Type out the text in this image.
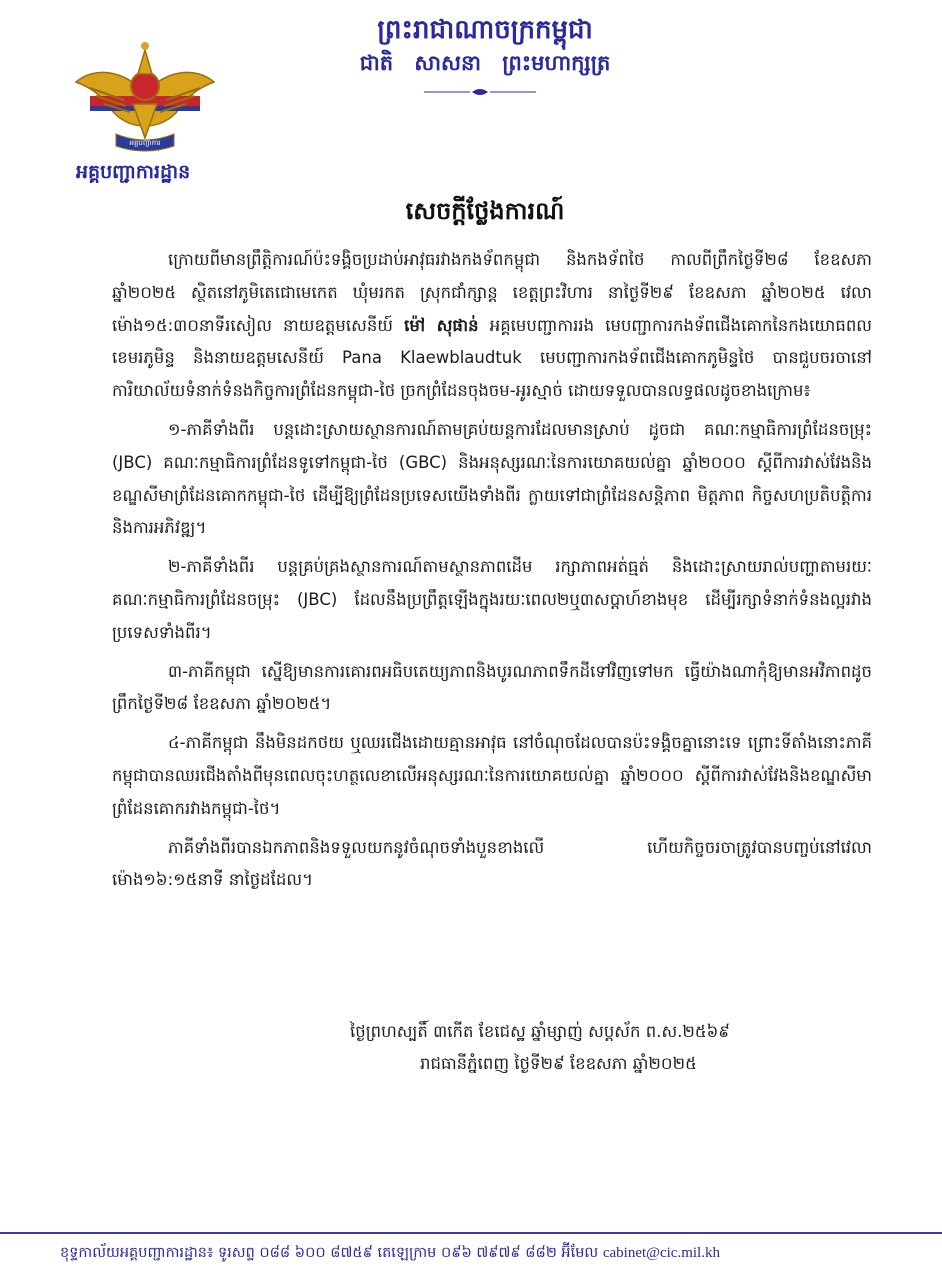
អគ្គបញ្ជាការ
អគ្គបញ្ជាការដ្ឋាន
ព្រះរាជាណាចក្រកម្ពុជា
ជាតិ សាសនា ព្រះមហាក្សត្រ
សេចក្តីថ្លែងការណ៍

ក្រោយពីមានព្រឹត្តិការណ៍ប៉ះទង្គិចប្រដាប់អាវុធរវាងកងទ័ពកម្ពុជា និងកងទ័ពថៃ កាលពីព្រឹកថ្ងៃទី២៨ ខែឧសភា ឆ្នាំ២០២៥ ស្ថិតនៅភូមិតេជោមេកេត ឃុំមរកត ស្រុកជាំក្សាន្ត ខេត្តព្រះវិហារ នាថ្ងៃទី២៩ ខែឧសភា ឆ្នាំ២០២៥ វេលាម៉ោង១៥:៣០នាទីរសៀល នាយឧត្តមសេនីយ៍ ម៉ៅ សុផាន់ អគ្គមេបញ្ជាការរង មេបញ្ជាការកងទ័ពជើងគោកនៃកងយោធពលខេមរភូមិន្ទ និងនាយឧត្តមសេនីយ៍ Pana Klaewblaudtuk មេបញ្ជាការកងទ័ពជើងគោកភូមិន្ទថៃ បានជួបចរចានៅការិយាល័យទំនាក់ទំនងកិច្ចការព្រំដែនកម្ពុជា-ថៃ ច្រកព្រំដែនចុងចម-អូរស្មាច់ ដោយទទួលបានលទ្ធផលដូចខាងក្រោម៖

១-ភាគីទាំងពីរ បន្តដោះស្រាយស្ថានការណ៍តាមគ្រប់យន្តការដែលមានស្រាប់ ដូចជា គណៈកម្មាធិការព្រំដែនចម្រុះ (JBC) គណៈកម្មាធិការព្រំដែនទូទៅកម្ពុជា-ថៃ (GBC) និងអនុស្សរណៈនៃការយោគយល់គ្នា ឆ្នាំ២០០០ ស្តីពីការវាស់វែងនិងខណ្ឌសីមាព្រំដែនគោកកម្ពុជា-ថៃ ដើម្បីឱ្យព្រំដែនប្រទេសយើងទាំងពីរ ក្លាយទៅជាព្រំដែនសន្តិភាព មិត្តភាព កិច្ចសហប្រតិបត្តិការ និងការអភិវឌ្ឍ។

២-ភាគីទាំងពីរ បន្តគ្រប់គ្រងស្ថានការណ៍តាមស្ថានភាពដើម រក្សាភាពអត់ធ្មត់ និងដោះស្រាយរាល់បញ្ហាតាមរយៈគណៈកម្មាធិការព្រំដែនចម្រុះ (JBC) ដែលនឹងប្រព្រឹត្តឡើងក្នុងរយៈពេល២ឬ៣សប្តាហ៍ខាងមុខ ដើម្បីរក្សាទំនាក់ទំនងល្អរវាងប្រទេសទាំងពីរ។

៣-ភាគីកម្ពុជា ស្នើឱ្យមានការគោរពអធិបតេយ្យភាពនិងបូរណភាពទឹកដីទៅវិញទៅមក ធ្វើយ៉ាងណាកុំឱ្យមានអវិភាពដូចព្រឹកថ្ងៃទី២៨ ខែឧសភា ឆ្នាំ២០២៥។

៤-ភាគីកម្ពុជា នឹងមិនដកថយ ឬឈរជើងដោយគ្មានអាវុធ នៅចំណុចដែលបានប៉ះទង្គិចគ្នានោះទេ ព្រោះទីតាំងនោះភាគីកម្ពុជាបានឈរជើងតាំងពីមុនពេលចុះហត្ថលេខាលើអនុស្សរណៈនៃការយោគយល់គ្នា ឆ្នាំ២០០០ ស្តីពីការវាស់វែងនិងខណ្ឌសីមាព្រំដែនគោករវាងកម្ពុជា-ថៃ។

ភាគីទាំងពីរបានឯកភាពនិងទទួលយកនូវចំណុចទាំងបួនខាងលើ ហើយកិច្ចចរចាត្រូវបានបញ្ចប់នៅវេលាម៉ោង១៦:១៥នាទី នាថ្ងៃដដែល។

ថ្ងៃព្រហស្បតិ៍ ៣កើត ខែជេស្ឋ ឆ្នាំម្សាញ់ សប្តស័ក ព.ស.២៥៦៩
រាជធានីភ្នំពេញ ថ្ងៃទី២៩ ខែឧសភា ឆ្នាំ២០២៥
ខុទ្ទកាល័យអគ្គបញ្ជាការដ្ឋាន៖ ទូរសព្ទ ០៨៨ ៦០០ ៨៧៥៩ តេឡេក្រាម ០៩៦ ៧៩៧៩ ៨៨២ អ៊ីមែល cabinet@cic.mil.kh
